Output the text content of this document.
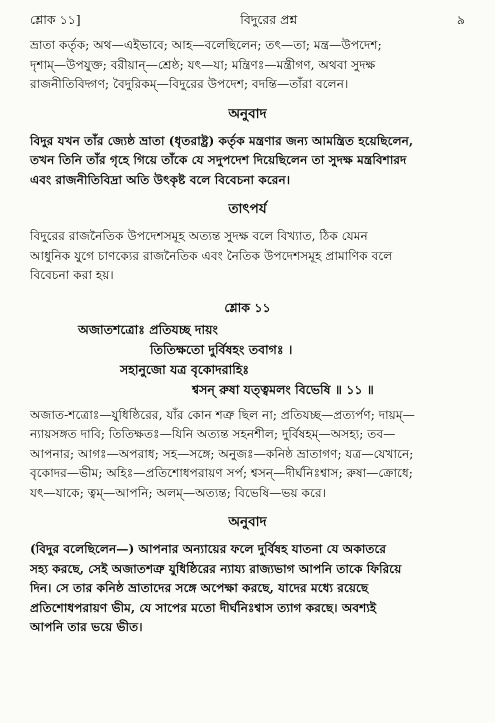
শ্লোক ১১]	বিদুরের প্রশ্ন	৯

ভ্রাতা কর্তৃক; অথ—এইভাবে; আহ—বলেছিলেন; তৎ—তা; মন্ত্র—উপদেশ;

দৃশাম্—উপযুক্ত; বরীয়ান্—শ্রেষ্ঠ; যৎ—যা; মন্ত্রিণঃ—মন্ত্রীগণ, অথবা সুদক্ষ

রাজনীতিবিদ্গণ; বৈদুরিকম্—বিদুরের উপদেশ; বদন্তি—তাঁরা বলেন।

অনুবাদ

বিদুর যখন তাঁর জ্যেষ্ঠ ভ্রাতা (ধৃতরাষ্ট্র) কর্তৃক মন্ত্রণার জন্য আমন্ত্রিত হয়েছিলেন,

তখন তিনি তাঁর গৃহে গিয়ে তাঁকে যে সদুপদেশ দিয়েছিলেন তা সুদক্ষ মন্ত্রবিশারদ

এবং রাজনীতিবিদ্রা অতি উৎকৃষ্ট বলে বিবেচনা করেন।

তাৎপর্য

বিদুরের রাজনৈতিক উপদেশসমূহ অত্যন্ত সুদক্ষ বলে বিখ্যাত, ঠিক যেমন

আধুনিক যুগে চাণক্যের রাজনৈতিক এবং নৈতিক উপদেশসমূহ প্রামাণিক বলে

বিবেচনা করা হয়।

শ্লোক ১১
অজাতশত্রোঃ প্রতিযচ্ছ দায়ং
তিতিক্ষতো দুর্বিষহং তবাগঃ ।
সহানুজো যত্র বৃকোদরাহিঃ
শ্বসন্ রুষা যত্ত্বমলং বিভেষি ॥ ১১ ॥

অজাত-শত্রোঃ—যুধিষ্ঠিরের, যাঁর কোন শত্রু ছিল না; প্রতিযচ্ছ—প্রত্যর্পণ; দায়ম্—

ন্যায়সঙ্গত দাবি; তিতিক্ষতঃ—যিনি অত্যন্ত সহনশীল; দুর্বিষহম্—অসহ্য; তব—

আপনার; আগঃ—অপরাধ; সহ—সঙ্গে; অনুজঃ—কনিষ্ঠ ভ্রাতাগণ; যত্র—যেখানে;

বৃকোদর—ভীম; অহিঃ—প্রতিশোধপরায়ণ সর্প; শ্বসন্—দীর্ঘনিঃশ্বাস; রুষা—ক্রোধে;

যৎ—যাকে; ত্বম্—আপনি; অলম্—অত্যন্ত; বিভেষি—ভয় করে।

অনুবাদ

(বিদুর বলেছিলেন—) আপনার অন্যায়ের ফলে দুর্বিষহ যাতনা যে অকাতরে

সহ্য করছে, সেই অজাতশত্রু যুধিষ্ঠিরের ন্যায্য রাজ্যভাগ আপনি তাকে ফিরিয়ে

দিন। সে তার কনিষ্ঠ ভ্রাতাদের সঙ্গে অপেক্ষা করছে, যাদের মধ্যে রয়েছে

প্রতিশোধপরায়ণ ভীম, যে সাপের মতো দীর্ঘনিঃশ্বাস ত্যাগ করছে। অবশ্যই

আপনি তার ভয়ে ভীত।
